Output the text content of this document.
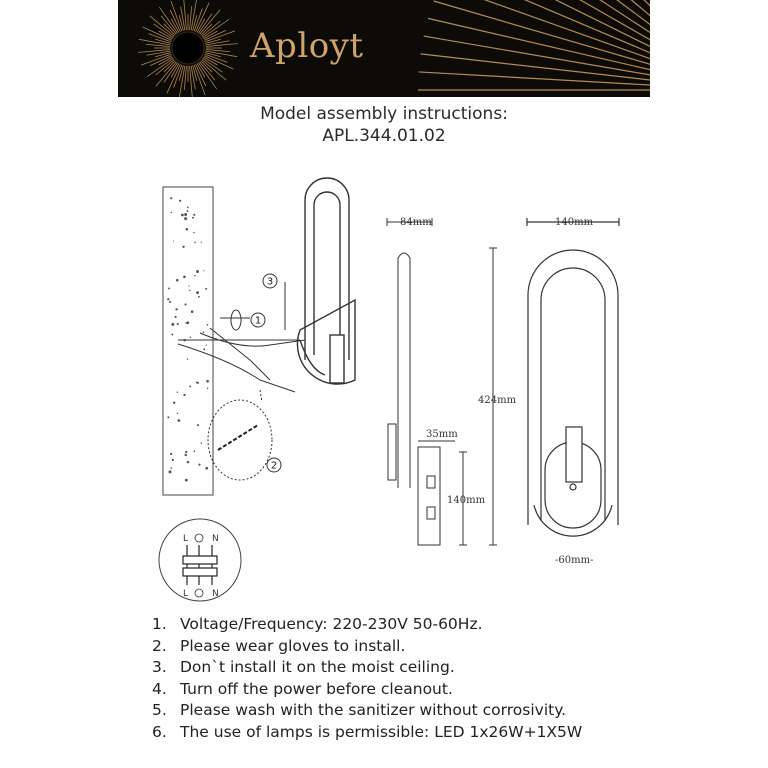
Aployt
Model assembly instructions:
APL.344.01.02
1
2
3
L	N
L	N
84mm	140mm
424mm
35mm
140mm
-60mm-
1. Voltage/Frequency: 220-230V 50-60Hz.
2. Please wear gloves to install.
3. Don`t install it on the moist ceiling.
4. Turn off the power before cleanout.
5. Please wash with the sanitizer without corrosivity.
6. The use of lamps is permissible: LED 1x26W+1X5W
